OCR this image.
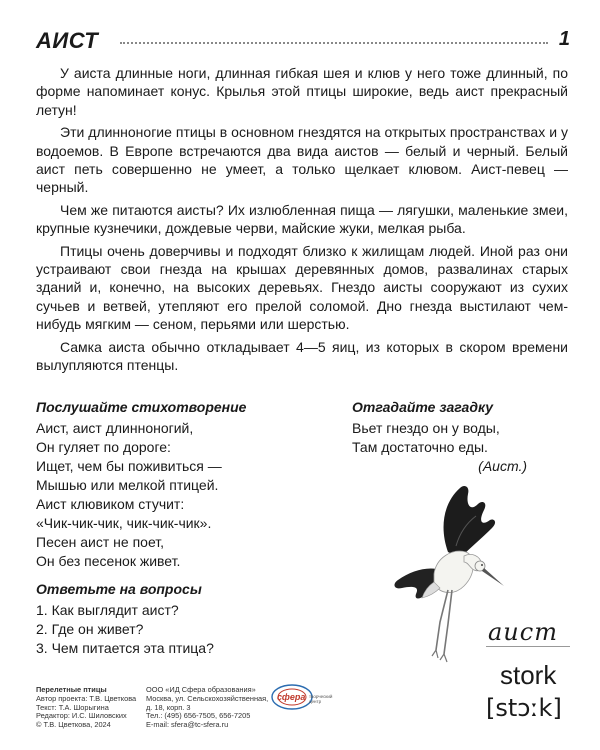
АИСТ	1

У аиста длинные ноги, длинная гибкая шея и клюв у него тоже длинный, по форме напоминает конус. Крылья этой птицы широкие, ведь аист прекрасный летун!

Эти длинноногие птицы в основном гнездятся на открытых пространствах и у водоемов. В Европе встречаются два вида аистов — белый и черный. Белый аист петь совершенно не умеет, а только щелкает клювом. Аист-певец — черный.

Чем же питаются аисты? Их излюбленная пища — лягушки, маленькие змеи, крупные кузнечики, дождевые черви, майские жуки, мелкая рыба.

Птицы очень доверчивы и подходят близко к жилищам людей. Иной раз они устраивают свои гнезда на крышах деревянных домов, развалинах старых зданий и, конечно, на высоких деревьях. Гнездо аисты сооружают из сухих сучьев и ветвей, утепляют его прелой соломой. Дно гнезда выстилают чем-нибудь мягким — сеном, перьями или шерстью.

Самка аиста обычно откладывает 4—5 яиц, из которых в скором времени вылупляются птенцы.

Послушайте стихотворение
Аист, аист длинноногий,
Он гуляет по дороге:
Ищет, чем бы поживиться —
Мышью или мелкой птицей.
Аист клювиком стучит:
«Чик-чик-чик, чик-чик-чик».
Песен аист не поет,
Он без песенок живет.
Отгадайте загадку
Вьет гнездо он у воды,
Там достаточно еды.
(Аист.)
Ответьте на вопросы
1. Как выглядит аист?
2. Где он живет?
3. Чем питается эта птица?
аист
stork
[stɔːk]
Перелетные птицы
Автор проекта: Т.В. Цветкова
Текст: Т.А. Шорыгина
Редактор: И.С. Шиловских
© Т.В. Цветкова, 2024
ООО «ИД Сфера образования»
Москва, ул. Сельскохозяйственная,
д. 18, корп. 3
Тел.: (495) 656-7505, 656-7205
E-mail: sfera@tc-sfera.ru
сфера творческий центр
